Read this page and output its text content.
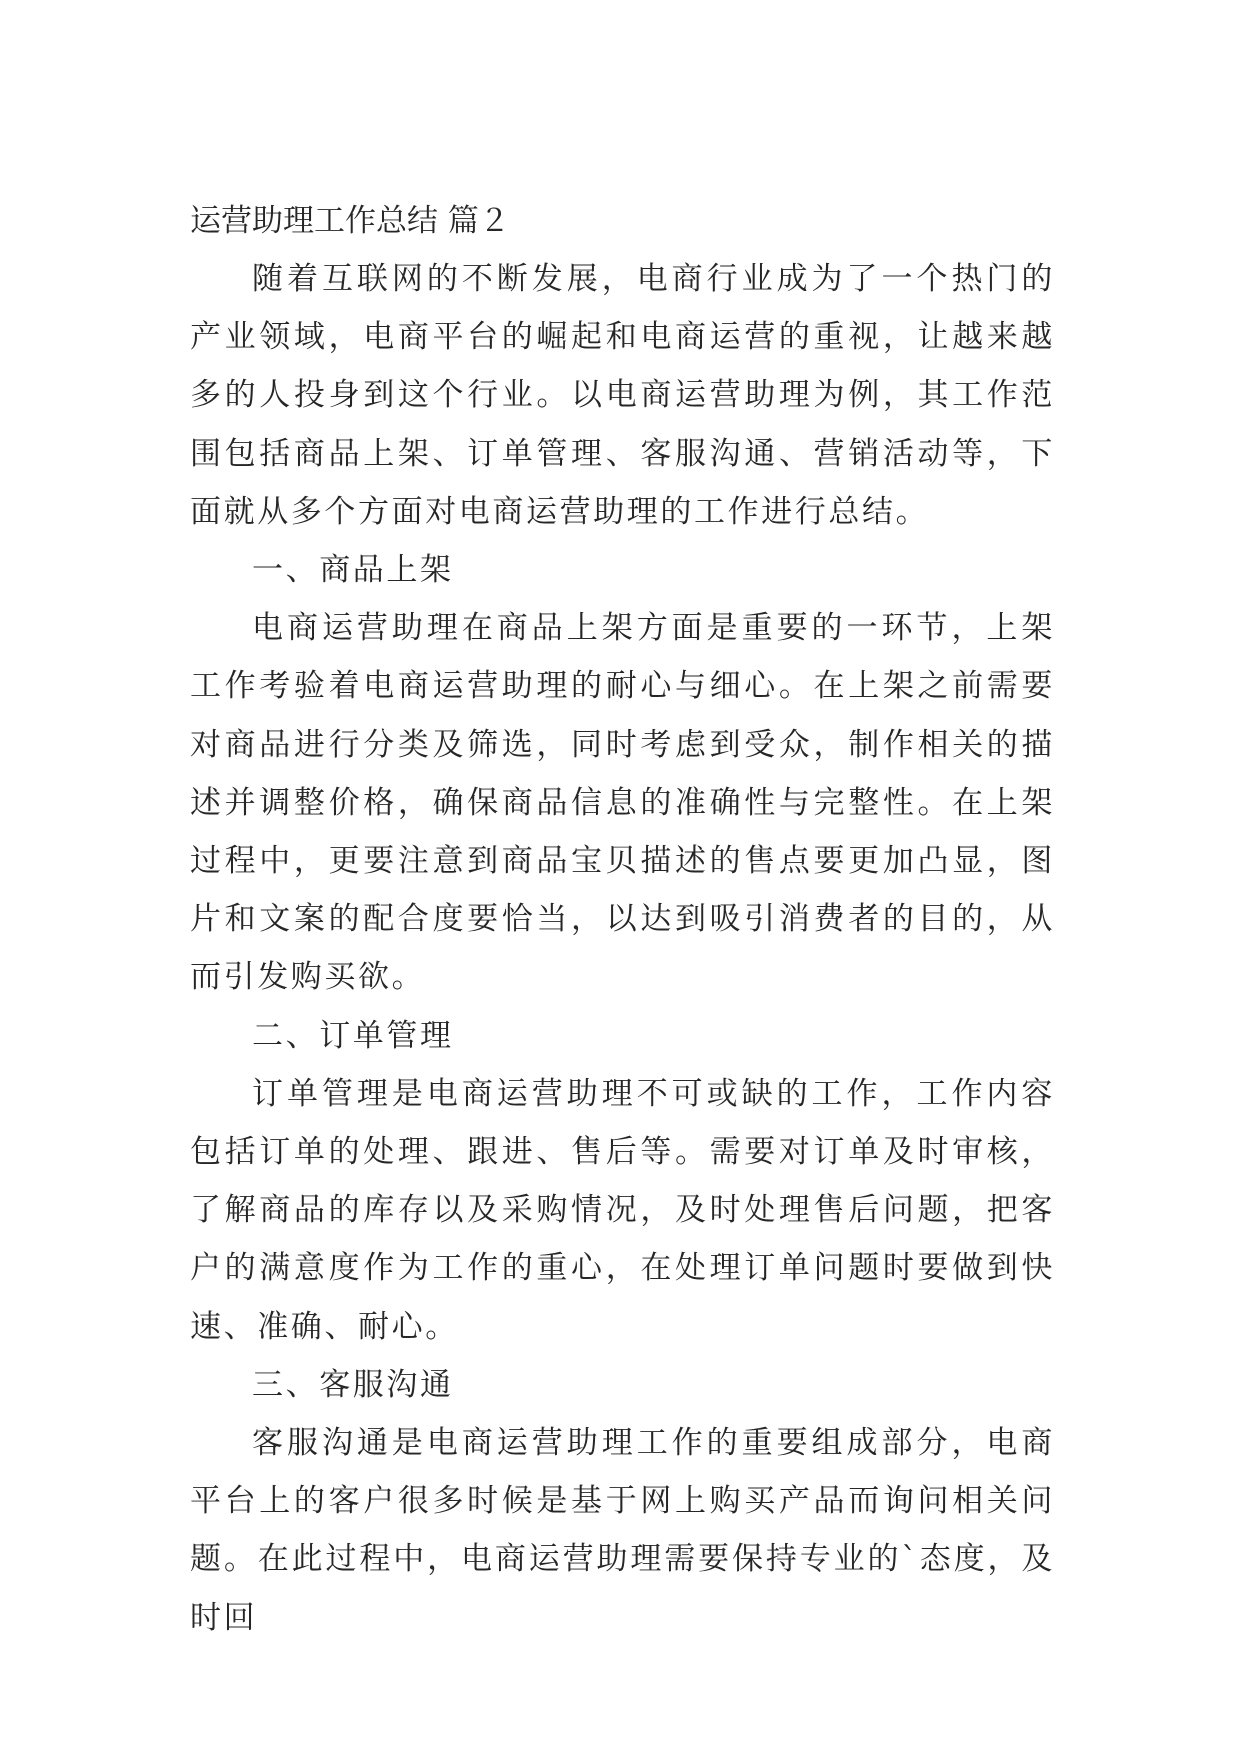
运营助理工作总结 篇２

随着互联网的不断发展，电商行业成为了一个热门的产业领域，电商平台的崛起和电商运营的重视，让越来越多的人投身到这个行业。以电商运营助理为例，其工作范围包括商品上架、订单管理、客服沟通、营销活动等，下面就从多个方面对电商运营助理的工作进行总结。

一、商品上架

电商运营助理在商品上架方面是重要的一环节，上架工作考验着电商运营助理的耐心与细心。在上架之前需要对商品进行分类及筛选，同时考虑到受众，制作相关的描述并调整价格，确保商品信息的准确性与完整性。在上架过程中，更要注意到商品宝贝描述的售点要更加凸显，图片和文案的配合度要恰当，以达到吸引消费者的目的，从而引发购买欲。

二、订单管理

订单管理是电商运营助理不可或缺的工作，工作内容包括订单的处理、跟进、售后等。需要对订单及时审核，了解商品的库存以及采购情况，及时处理售后问题，把客户的满意度作为工作的重心，在处理订单问题时要做到快速、准确、耐心。

三、客服沟通

客服沟通是电商运营助理工作的重要组成部分，电商平台上的客户很多时候是基于网上购买产品而询问相关问题。在此过程中，电商运营助理需要保持专业的`态度，及时回
